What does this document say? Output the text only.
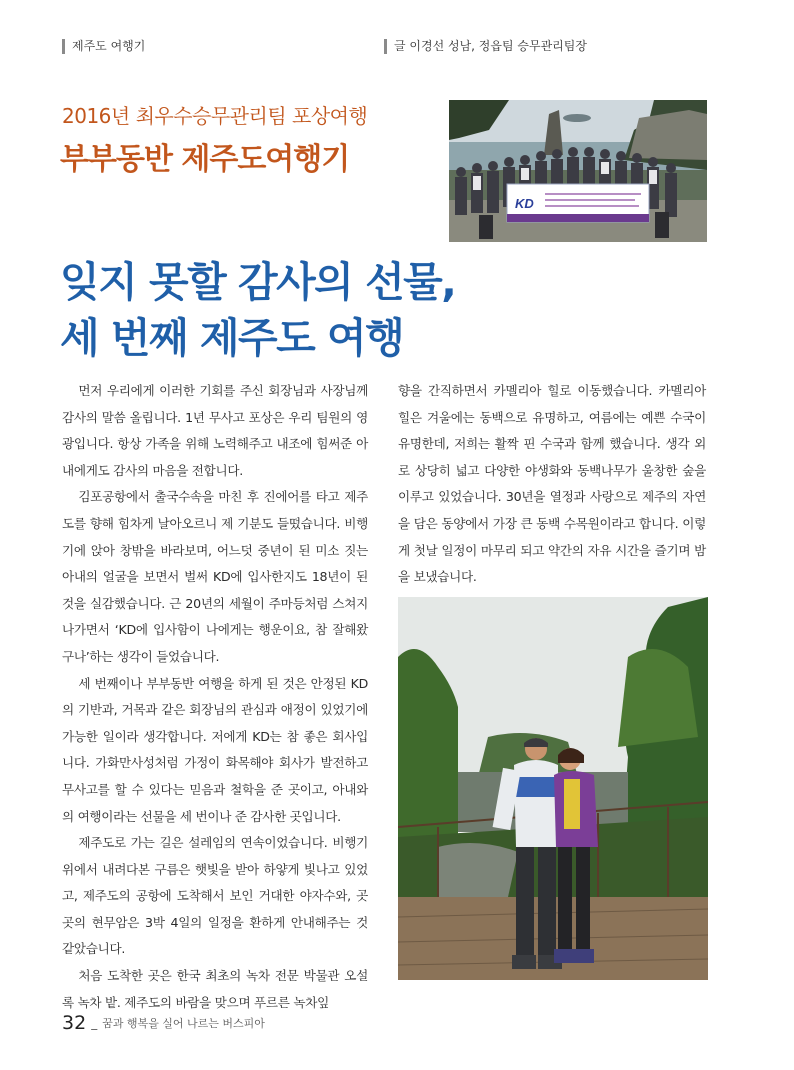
제주도 여행기	글 이경선 성남, 정읍팀 승무관리팀장
2016년 최우수승무관리팀 포상여행
부부동반 제주도여행기
KD
잊지 못할 감사의 선물,
세 번째 제주도 여행

먼저 우리에게 이러한 기회를 주신 회장님과 사장님께 감사의 말씀 올립니다. 1년 무사고 포상은 우리 팀원의 영광입니다. 항상 가족을 위해 노력해주고 내조에 힘써준 아내에게도 감사의 마음을 전합니다.

김포공항에서 출국수속을 마친 후 진에어를 타고 제주도를 향해 힘차게 날아오르니 제 기분도 들떴습니다. 비행기에 앉아 창밖을 바라보며, 어느덧 중년이 된 미소 짓는 아내의 얼굴을 보면서 벌써 KD에 입사한지도 18년이 된 것을 실감했습니다. 근 20년의 세월이 주마등처럼 스쳐지나가면서 ‘KD에 입사함이 나에게는 행운이요, 참 잘해왔구나’하는 생각이 들었습니다.

세 번째이나 부부동반 여행을 하게 된 것은 안정된 KD의 기반과, 거목과 같은 회장님의 관심과 애정이 있었기에 가능한 일이라 생각합니다. 저에게 KD는 참 좋은 회사입니다. 가화만사성처럼 가정이 화목해야 회사가 발전하고 무사고를 할 수 있다는 믿음과 철학을 준 곳이고, 아내와의 여행이라는 선물을 세 번이나 준 감사한 곳입니다.

제주도로 가는 길은 설레임의 연속이었습니다. 비행기 위에서 내려다본 구름은 햇빛을 받아 하얗게 빛나고 있었고, 제주도의 공항에 도착해서 보인 거대한 야자수와, 곳곳의 현무암은 3박 4일의 일정을 환하게 안내해주는 것 같았습니다.

처음 도착한 곳은 한국 최초의 녹차 전문 박물관 오설록 녹차 밭. 제주도의 바람을 맞으며 푸르른 녹차잎

향을 간직하면서 카멜리아 힐로 이동했습니다. 카멜리아 힐은 겨울에는 동백으로 유명하고, 여름에는 예쁜 수국이 유명한데, 저희는 활짝 핀 수국과 함께 했습니다. 생각 외로 상당히 넓고 다양한 야생화와 동백나무가 울창한 숲을 이루고 있었습니다. 30년을 열정과 사랑으로 제주의 자연을 담은 동양에서 가장 큰 동백 수목원이라고 합니다. 이렇게 첫날 일정이 마무리 되고 약간의 자유 시간을 즐기며 밤을 보냈습니다.

32 _ 꿈과 행복을 실어 나르는 버스피아
